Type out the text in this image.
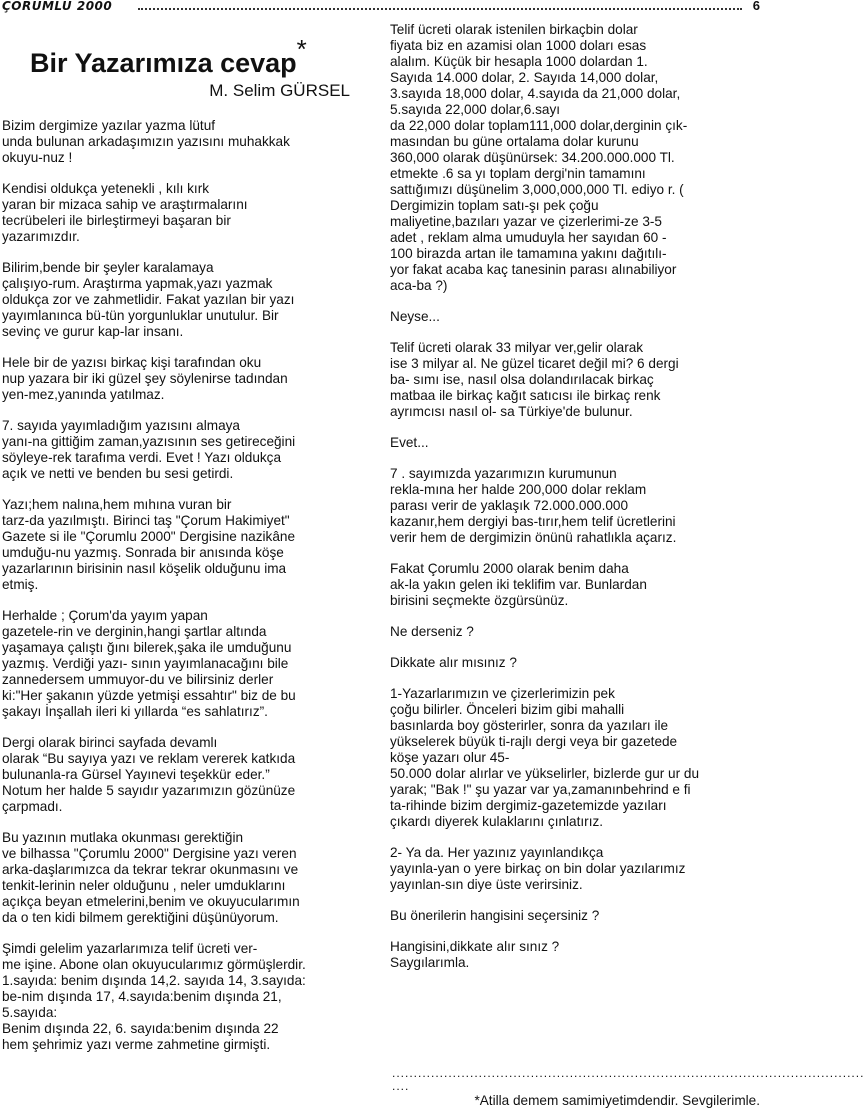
ÇORUMLU 2000	6
Bir Yazarımıza cevap*
M. Selim GÜRSEL

Bizim dergimize yazılar yazma lütuf
unda bulunan arkadaşımızın yazısını muhakkak
okuyu-nuz !

Kendisi oldukça yetenekli , kılı kırk
yaran bir mizaca sahip ve araştırmalarını
tecrübeleri ile birleştirmeyi başaran bir
yazarımızdır.

Bilirim,bende bir şeyler karalamaya
çalışıyo-rum. Araştırma yapmak,yazı yazmak
oldukça zor ve zahmetlidir. Fakat yazılan bir yazı
yayımlanınca bü-tün yorgunluklar unutulur. Bir
sevinç ve gurur kap-lar insanı.

Hele bir de yazısı birkaç kişi tarafından oku
nup yazara bir iki güzel şey söylenirse tadından
yen-mez,yanında yatılmaz.

7. sayıda yayımladığım yazısını almaya
yanı-na gittiğim zaman,yazısının ses getireceğini
söyleye-rek tarafıma verdi. Evet ! Yazı oldukça
açık ve netti ve benden bu sesi getirdi.

Yazı;hem nalına,hem mıhına vuran bir
tarz-da yazılmıştı. Birinci taş "Çorum Hakimiyet"
Gazete si ile "Çorumlu 2000" Dergisine nazikâne
umduğu-nu yazmış. Sonrada bir anısında köşe
yazarlarının birisinin nasıl köşelik olduğunu ima
etmiş.

Herhalde ; Çorum'da yayım yapan
gazetele-rin ve derginin,hangi şartlar altında
yaşamaya çalıştı ğını bilerek,şaka ile umduğunu
yazmış. Verdiği yazı- sının yayımlanacağını bile
zannedersem ummuyor-du ve bilirsiniz derler
ki:"Her şakanın yüzde yetmişi essahtır" biz de bu
şakayı İnşallah ileri ki yıllarda “es sahlatırız”.

Dergi olarak birinci sayfada devamlı
olarak “Bu sayıya yazı ve reklam vererek katkıda
bulunanla-ra Gürsel Yayınevi teşekkür eder.”
Notum her halde 5 sayıdır yazarımızın gözünüze
çarpmadı.

Bu yazının mutlaka okunması gerektiğin
ve bilhassa "Çorumlu 2000" Dergisine yazı veren
arka-daşlarımızca da tekrar tekrar okunmasını ve
tenkit-lerinin neler olduğunu , neler umduklarını
açıkça beyan etmelerini,benim ve okuyucularımın
da o ten kidi bilmem gerektiğini düşünüyorum.

Şimdi gelelim yazarlarımıza telif ücreti ver-
me işine. Abone olan okuyucularımız görmüşlerdir.
1.sayıda: benim dışında 14,2. sayıda 14, 3.sayıda:
be-nim dışında 17, 4.sayıda:benim dışında 21,
5.sayıda:
Benim dışında 22, 6. sayıda:benim dışında 22
hem şehrimiz yazı verme zahmetine girmişti.

Telif ücreti olarak istenilen birkaçbin dolar
fiyata biz en azamisi olan 1000 doları esas
alalım. Küçük bir hesapla 1000 dolardan 1.
Sayıda 14.000 dolar, 2. Sayıda 14,000 dolar,
3.sayıda 18,000 dolar, 4.sayıda da 21,000 dolar,
5.sayıda 22,000 dolar,6.sayı
da 22,000 dolar toplam111,000 dolar,derginin çık-
masından bu güne ortalama dolar kurunu
360,000 olarak düşünürsek: 34.200.000.000 Tl.
etmekte .6 sa yı toplam dergi'nin tamamını
sattığımızı düşünelim 3,000,000,000 Tl. ediyo r. (
Dergimizin toplam satı-şı pek çoğu
maliyetine,bazıları yazar ve çizerlerimi-ze 3-5
adet , reklam alma umuduyla her sayıdan 60 -
100 birazda artan ile tamamına yakını dağıtılı-
yor fakat acaba kaç tanesinin parası alınabiliyor
aca-ba ?)

Neyse...

Telif ücreti olarak 33 milyar ver,gelir olarak
ise 3 milyar al. Ne güzel ticaret değil mi? 6 dergi
ba- sımı ise, nasıl olsa dolandırılacak birkaç
matbaa ile birkaç kağıt satıcısı ile birkaç renk
ayrımcısı nasıl ol- sa Türkiye'de bulunur.

Evet...

7 . sayımızda yazarımızın kurumunun
rekla-mına her halde 200,000 dolar reklam
parası verir de yaklaşık 72.000.000.000
kazanır,hem dergiyi bas-tırır,hem telif ücretlerini
verir hem de dergimizin önünü rahatlıkla açarız.

Fakat Çorumlu 2000 olarak benim daha
ak-la yakın gelen iki teklifim var. Bunlardan
birisini seçmekte özgürsünüz.

Ne derseniz ?

Dikkate alır mısınız ?

1-Yazarlarımızın ve çizerlerimizin pek
çoğu bilirler. Önceleri bizim gibi mahalli
basınlarda boy gösterirler, sonra da yazıları ile
yükselerek büyük ti-rajlı dergi veya bir gazetede
köşe yazarı olur 45-
50.000 dolar alırlar ve yükselirler, bizlerde gur ur du
yarak; "Bak !" şu yazar var ya,zamanınbehrind e fi
ta-rihinde bizim dergimiz-gazetemizde yazıları
çıkardı diyerek kulaklarını çınlatırız.

2- Ya da. Her yazınız yayınlandıkça
yayınla-yan o yere birkaç on bin dolar yazılarımız
yayınlan-sın diye üste verirsiniz.

Bu önerilerin hangisini seçersiniz ?

Hangisini,dikkate alır sınız ?
Saygılarımla.

.............................................................................................................
....
*Atilla demem samimiyetimdendir. Sevgilerimle.
